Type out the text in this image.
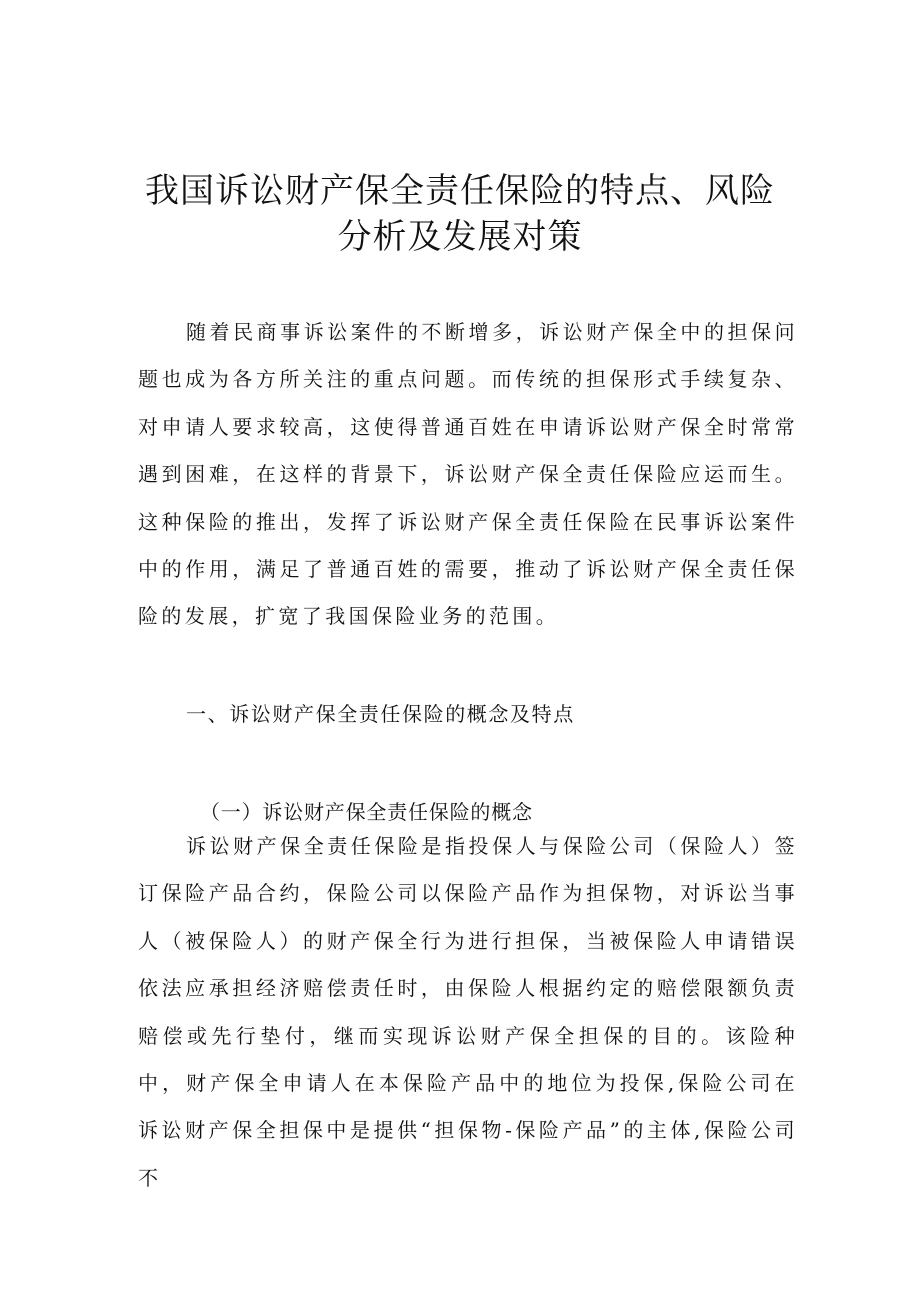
我国诉讼财产保全责任保险的特点、风险
分析及发展对策

随着民商事诉讼案件的不断增多，诉讼财产保全中的担保问题也成为各方所关注的重点问题。而传统的担保形式手续复杂、对申请人要求较高，这使得普通百姓在申请诉讼财产保全时常常遇到困难，在这样的背景下，诉讼财产保全责任保险应运而生。这种保险的推出，发挥了诉讼财产保全责任保险在民事诉讼案件中的作用，满足了普通百姓的需要，推动了诉讼财产保全责任保险的发展，扩宽了我国保险业务的范围。

一、诉讼财产保全责任保险的概念及特点
（一）诉讼财产保全责任保险的概念

诉讼财产保全责任保险是指投保人与保险公司（保险人）签订保险产品合约，保险公司以保险产品作为担保物，对诉讼当事人（被保险人）的财产保全行为进行担保，当被保险人申请错误依法应承担经济赔偿责任时，由保险人根据约定的赔偿限额负责赔偿或先行垫付，继而实现诉讼财产保全担保的目的。该险种中，财产保全申请人在本保险产品中的地位为投保,保险公司在诉讼财产保全担保中是提供“担保物-保险产品”的主体,保险公司不
